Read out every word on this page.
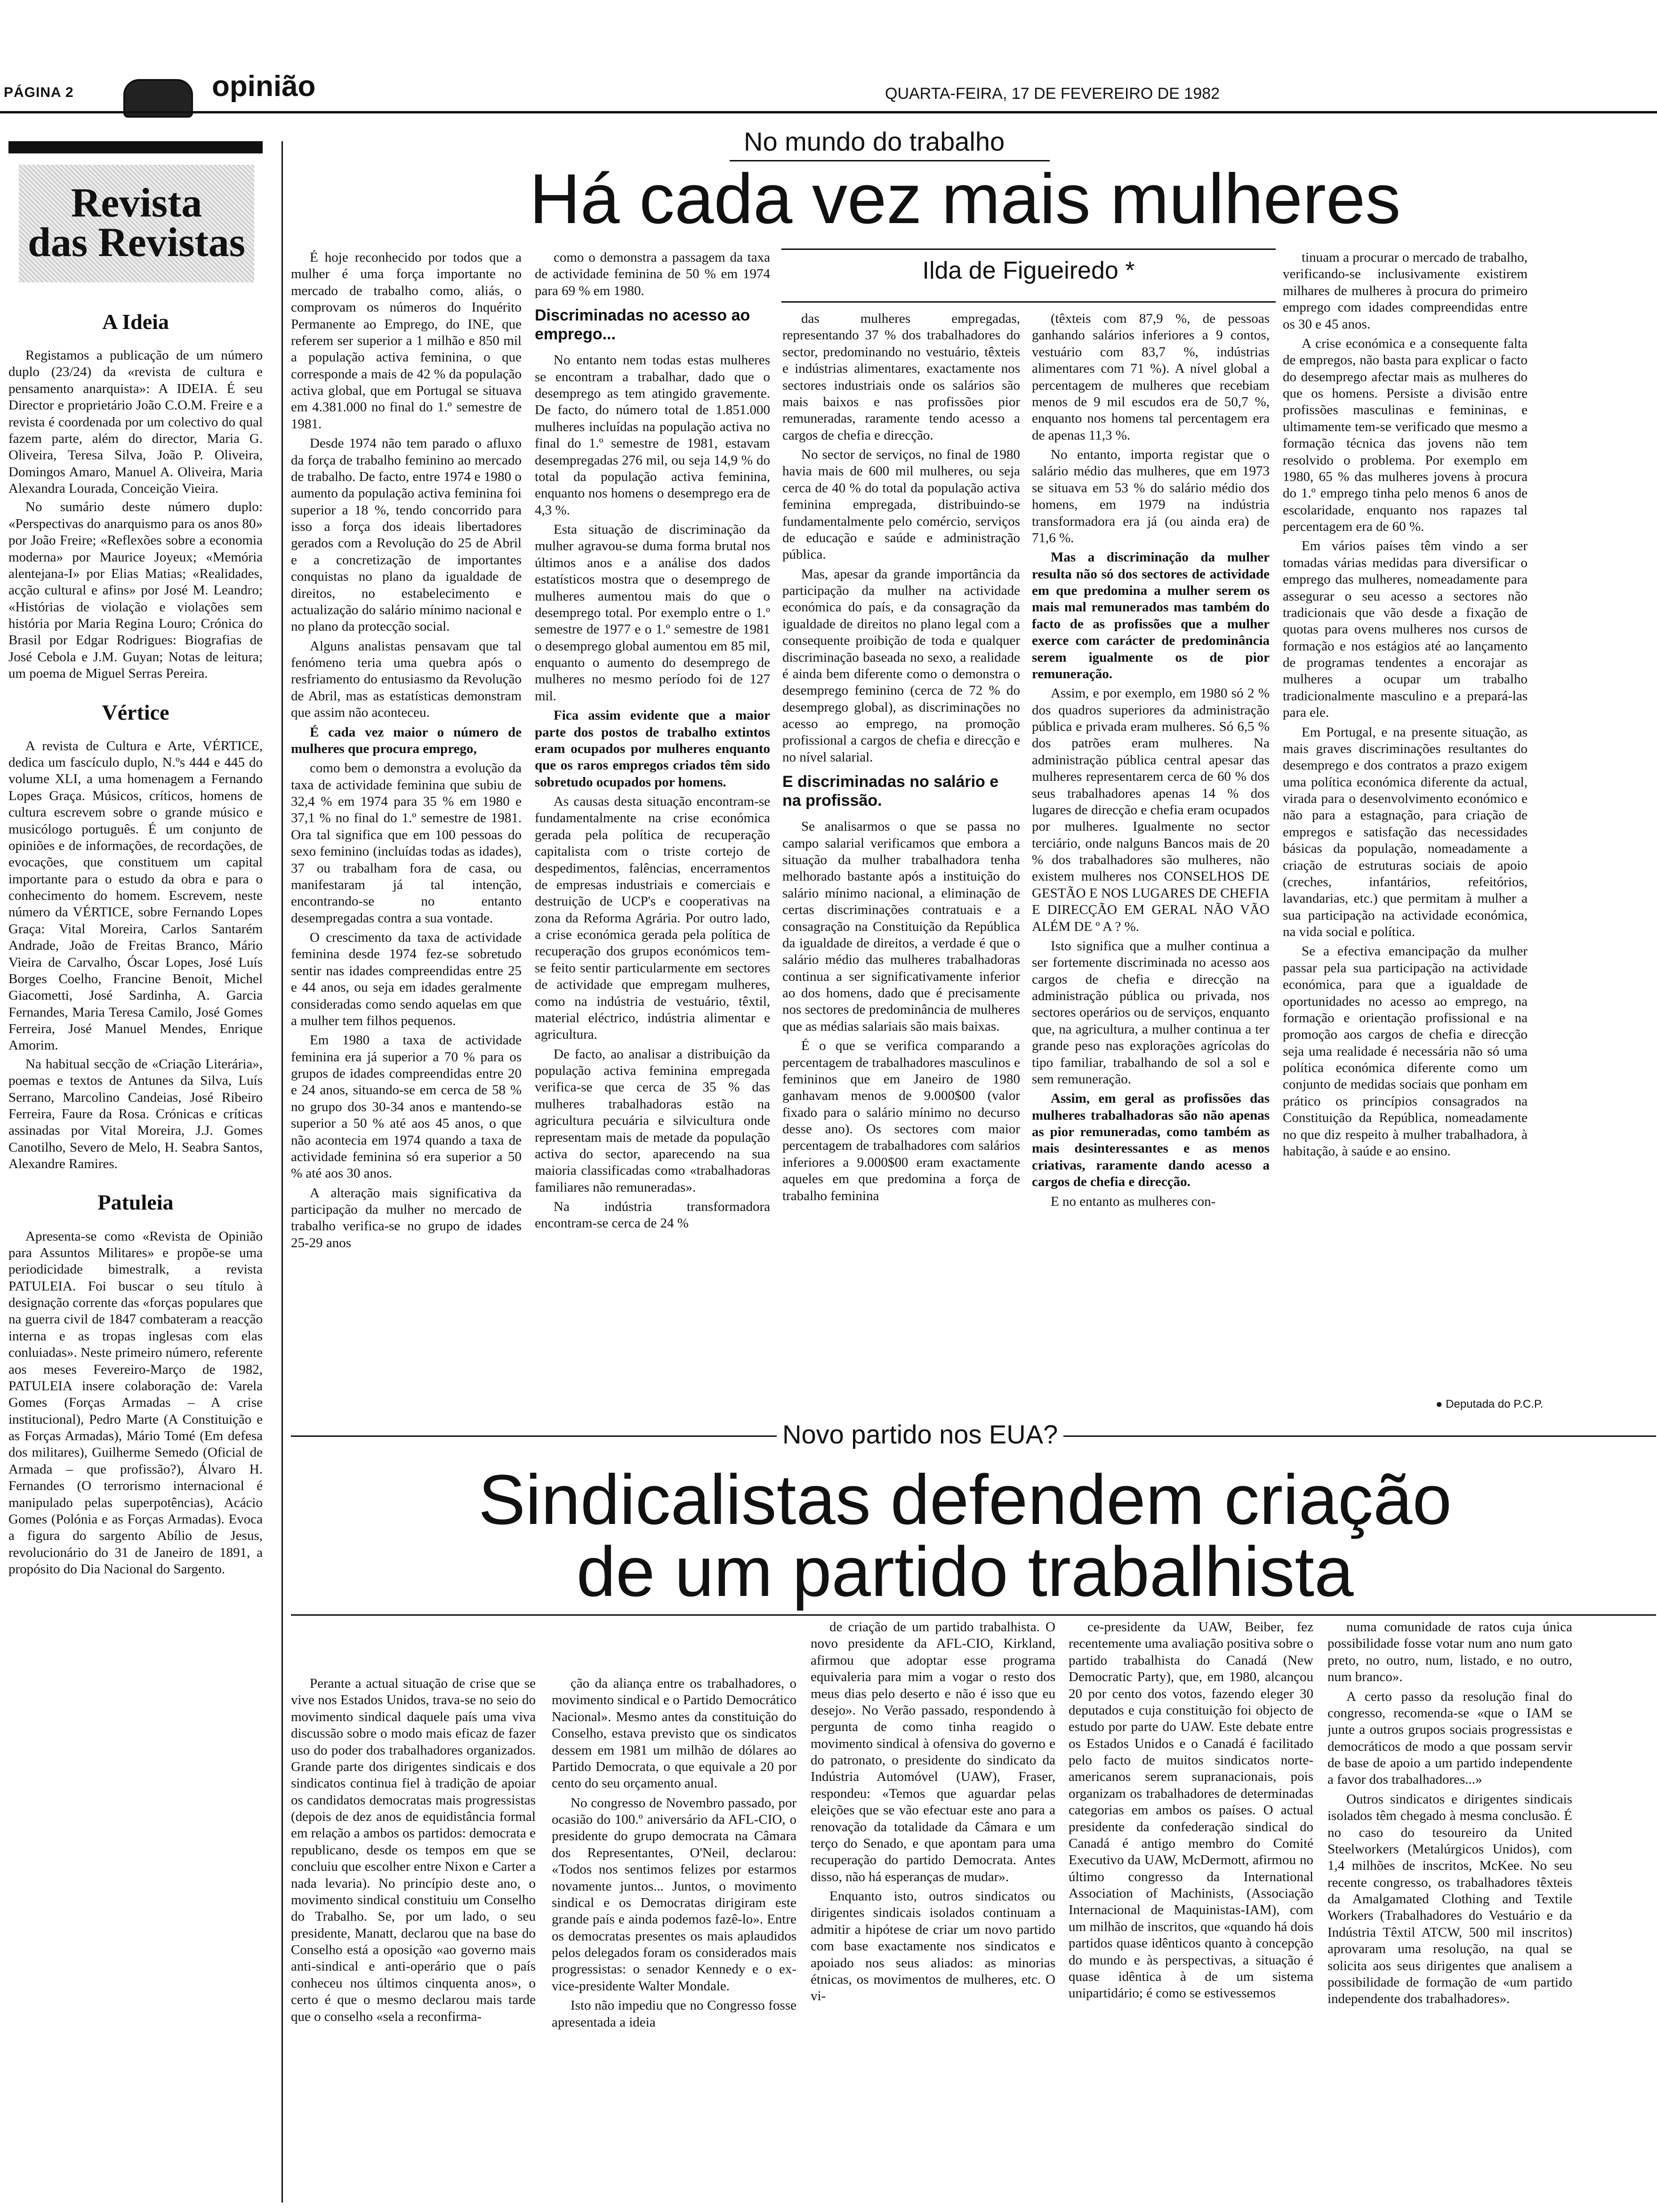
PÁGINA 2	opinião	QUARTA-FEIRA, 17 DE FEVEREIRO DE 1982
Revista
das Revistas
A Ideia

Registamos a publicação de um número duplo (23/24) da «revista de cultura e pensamento anarquista»: A IDEIA. É seu Director e proprietário João C.O.M. Freire e a revista é coordenada por um colectivo do qual fazem parte, além do director, Maria G. Oliveira, Teresa Silva, João P. Oliveira, Domingos Amaro, Manuel A. Oliveira, Maria Alexandra Lourada, Conceição Vieira.

No sumário deste número duplo: «Perspectivas do anarquismo para os anos 80» por João Freire; «Reflexões sobre a economia moderna» por Maurice Joyeux; «Memória alentejana-I» por Elias Matias; «Realidades, acção cultural e afins» por José M. Leandro; «Histórias de violação e violações sem história por Maria Regina Louro; Crónica do Brasil por Edgar Rodrigues: Biografias de José Cebola e J.M. Guyan; Notas de leitura; um poema de Miguel Serras Pereira.

Vértice

A revista de Cultura e Arte, VÉRTICE, dedica um fascículo duplo, N.ºs 444 e 445 do volume XLI, a uma homenagem a Fernando Lopes Graça. Músicos, críticos, homens de cultura escrevem sobre o grande músico e musicólogo português. É um conjunto de opiniões e de informações, de recordações, de evocações, que constituem um capital importante para o estudo da obra e para o conhecimento do homem. Escrevem, neste número da VÉRTICE, sobre Fernando Lopes Graça: Vital Moreira, Carlos Santarém Andrade, João de Freitas Branco, Mário Vieira de Carvalho, Óscar Lopes, José Luís Borges Coelho, Francine Benoit, Michel Giacometti, José Sardinha, A. Garcia Fernandes, Maria Teresa Camilo, José Gomes Ferreira, José Manuel Mendes, Enrique Amorim.

Na habitual secção de «Criação Literária», poemas e textos de Antunes da Silva, Luís Serrano, Marcolino Candeias, José Ribeiro Ferreira, Faure da Rosa. Crónicas e críticas assinadas por Vital Moreira, J.J. Gomes Canotilho, Severo de Melo, H. Seabra Santos, Alexandre Ramires.

Patuleia

Apresenta-se como «Revista de Opinião para Assuntos Militares» e propõe-se uma periodicidade bimestralk, a revista PATULEIA. Foi buscar o seu título à designação corrente das «forças populares que na guerra civil de 1847 combateram a reacção interna e as tropas inglesas com elas conluiadas». Neste primeiro número, referente aos meses Fevereiro-Março de 1982, PATULEIA insere colaboração de: Varela Gomes (Forças Armadas – A crise institucional), Pedro Marte (A Constituição e as Forças Armadas), Mário Tomé (Em defesa dos militares), Guilherme Semedo (Oficial de Armada – que profissão?), Álvaro H. Fernandes (O terrorismo internacional é manipulado pelas superpotências), Acácio Gomes (Polónia e as Forças Armadas). Evoca a figura do sargento Abílio de Jesus, revolucionário do 31 de Janeiro de 1891, a propósito do Dia Nacional do Sargento.

No mundo do trabalho
Há cada vez mais mulheres

É hoje reconhecido por todos que a mulher é uma força importante no mercado de trabalho como, aliás, o comprovam os números do Inquérito Permanente ao Emprego, do INE, que referem ser superior a 1 milhão e 850 mil a população activa feminina, o que corresponde a mais de 42 % da população activa global, que em Portugal se situava em 4.381.000 no final do 1.º semestre de 1981.

Desde 1974 não tem parado o afluxo da força de trabalho feminino ao mercado de trabalho. De facto, entre 1974 e 1980 o aumento da população activa feminina foi superior a 18 %, tendo concorrido para isso a força dos ideais libertadores gerados com a Revolução do 25 de Abril e a concretização de importantes conquistas no plano da igualdade de direitos, no estabelecimento e actualização do salário mínimo nacional e no plano da protecção social.

Alguns analistas pensavam que tal fenómeno teria uma quebra após o resfriamento do entusiasmo da Revolução de Abril, mas as estatísticas demonstram que assim não aconteceu.

É cada vez maior o número de mulheres que procura emprego,

como bem o demonstra a evolução da taxa de actividade feminina que subiu de 32,4 % em 1974 para 35 % em 1980 e 37,1 % no final do 1.º semestre de 1981. Ora tal significa que em 100 pessoas do sexo feminino (incluídas todas as idades), 37 ou trabalham fora de casa, ou manifestaram já tal intenção, encontrando-se no entanto desempregadas contra a sua vontade.

O crescimento da taxa de actividade feminina desde 1974 fez-se sobretudo sentir nas idades compreendidas entre 25 e 44 anos, ou seja em idades geralmente consideradas como sendo aquelas em que a mulher tem filhos pequenos.

Em 1980 a taxa de actividade feminina era já superior a 70 % para os grupos de idades compreendidas entre 20 e 24 anos, situando-se em cerca de 58 % no grupo dos 30-34 anos e mantendo-se superior a 50 % até aos 45 anos, o que não acontecia em 1974 quando a taxa de actividade feminina só era superior a 50 % até aos 30 anos.

A alteração mais significativa da participação da mulher no mercado de trabalho verifica-se no grupo de idades 25-29 anos

como o demonstra a passagem da taxa de actividade feminina de 50 % em 1974 para 69 % em 1980.

Discriminadas no acesso ao emprego...

No entanto nem todas estas mulheres se encontram a trabalhar, dado que o desemprego as tem atingido gravemente. De facto, do número total de 1.851.000 mulheres incluídas na população activa no final do 1.º semestre de 1981, estavam desempregadas 276 mil, ou seja 14,9 % do total da população activa feminina, enquanto nos homens o desemprego era de 4,3 %.

Esta situação de discriminação da mulher agravou-se duma forma brutal nos últimos anos e a análise dos dados estatísticos mostra que o desemprego de mulheres aumentou mais do que o desemprego total. Por exemplo entre o 1.º semestre de 1977 e o 1.º semestre de 1981 o desemprego global aumentou em 85 mil, enquanto o aumento do desemprego de mulheres no mesmo período foi de 127 mil.

Fica assim evidente que a maior parte dos postos de trabalho extintos eram ocupados por mulheres enquanto que os raros empregos criados têm sido sobretudo ocupados por homens.

As causas desta situação encontram-se fundamentalmente na crise económica gerada pela política de recuperação capitalista com o triste cortejo de despedimentos, falências, encerramentos de empresas industriais e comerciais e destruição de UCP's e cooperativas na zona da Reforma Agrária. Por outro lado, a crise económica gerada pela política de recuperação dos grupos económicos tem-se feito sentir particularmente em sectores de actividade que empregam mulheres, como na indústria de vestuário, têxtil, material eléctrico, indústria alimentar e agricultura.

De facto, ao analisar a distribuição da população activa feminina empregada verifica-se que cerca de 35 % das mulheres trabalhadoras estão na agricultura pecuária e silvicultura onde representam mais de metade da população activa do sector, aparecendo na sua maioria classificadas como «trabalhadoras familiares não remuneradas».

Na indústria transformadora encontram-se cerca de 24 %

Ilda de Figueiredo *

das mulheres empregadas, representando 37 % dos trabalhadores do sector, predominando no vestuário, têxteis e indústrias alimentares, exactamente nos sectores industriais onde os salários são mais baixos e nas profissões pior remuneradas, raramente tendo acesso a cargos de chefia e direcção.

No sector de serviços, no final de 1980 havia mais de 600 mil mulheres, ou seja cerca de 40 % do total da população activa feminina empregada, distribuindo-se fundamentalmente pelo comércio, serviços de educação e saúde e administração pública.

Mas, apesar da grande importância da participação da mulher na actividade económica do país, e da consagração da igualdade de direitos no plano legal com a consequente proibição de toda e qualquer discriminação baseada no sexo, a realidade é ainda bem diferente como o demonstra o desemprego feminino (cerca de 72 % do desemprego global), as discriminações no acesso ao emprego, na promoção profissional a cargos de chefia e direcção e no nível salarial.

E discriminadas no salário e na profissão.

Se analisarmos o que se passa no campo salarial verificamos que embora a situação da mulher trabalhadora tenha melhorado bastante após a instituição do salário mínimo nacional, a eliminação de certas discriminações contratuais e a consagração na Constituição da República da igualdade de direitos, a verdade é que o salário médio das mulheres trabalhadoras continua a ser significativamente inferior ao dos homens, dado que é precisamente nos sectores de predominância de mulheres que as médias salariais são mais baixas.

É o que se verifica comparando a percentagem de trabalhadores masculinos e femininos que em Janeiro de 1980 ganhavam menos de 9.000$00 (valor fixado para o salário mínimo no decurso desse ano). Os sectores com maior percentagem de trabalhadores com salários inferiores a 9.000$00 eram exactamente aqueles em que predomina a força de trabalho feminina

(têxteis com 87,9 %, de pessoas ganhando salários inferiores a 9 contos, vestuário com 83,7 %, indústrias alimentares com 71 %). A nível global a percentagem de mulheres que recebiam menos de 9 mil escudos era de 50,7 %, enquanto nos homens tal percentagem era de apenas 11,3 %.

No entanto, importa registar que o salário médio das mulheres, que em 1973 se situava em 53 % do salário médio dos homens, em 1979 na indústria transformadora era já (ou ainda era) de 71,6 %.

Mas a discriminação da mulher resulta não só dos sectores de actividade em que predomina a mulher serem os mais mal remunerados mas também do facto de as profissões que a mulher exerce com carácter de predominância serem igualmente os de pior remuneração.

Assim, e por exemplo, em 1980 só 2 % dos quadros superiores da administração pública e privada eram mulheres. Só 6,5 % dos patrões eram mulheres. Na administração pública central apesar das mulheres representarem cerca de 60 % dos seus trabalhadores apenas 14 % dos lugares de direcção e chefia eram ocupados por mulheres. Igualmente no sector terciário, onde nalguns Bancos mais de 20 % dos trabalhadores são mulheres, não existem mulheres nos CONSELHOS DE GESTÃO E NOS LUGARES DE CHEFIA E DIRECÇÃO EM GERAL NÃO VÃO ALÉM DE º A ? %.

Isto significa que a mulher continua a ser fortemente discriminada no acesso aos cargos de chefia e direcção na administração pública ou privada, nos sectores operários ou de serviços, enquanto que, na agricultura, a mulher continua a ter grande peso nas explorações agrícolas do tipo familiar, trabalhando de sol a sol e sem remuneração.

Assim, em geral as profissões das mulheres trabalhadoras são não apenas as pior remuneradas, como também as mais desinteressantes e as menos criativas, raramente dando acesso a cargos de chefia e direcção.

E no entanto as mulheres con-

tinuam a procurar o mercado de trabalho, verificando-se inclusivamente existirem milhares de mulheres à procura do primeiro emprego com idades compreendidas entre os 30 e 45 anos.

A crise económica e a consequente falta de empregos, não basta para explicar o facto do desemprego afectar mais as mulheres do que os homens. Persiste a divisão entre profissões masculinas e femininas, e ultimamente tem-se verificado que mesmo a formação técnica das jovens não tem resolvido o problema. Por exemplo em 1980, 65 % das mulheres jovens à procura do 1.º emprego tinha pelo menos 6 anos de escolaridade, enquanto nos rapazes tal percentagem era de 60 %.

Em vários países têm vindo a ser tomadas várias medidas para diversificar o emprego das mulheres, nomeadamente para assegurar o seu acesso a sectores não tradicionais que vão desde a fixação de quotas para ovens mulheres nos cursos de formação e nos estágios até ao lançamento de programas tendentes a encorajar as mulheres a ocupar um trabalho tradicionalmente masculino e a prepará-las para ele.

Em Portugal, e na presente situação, as mais graves discriminações resultantes do desemprego e dos contratos a prazo exigem uma política económica diferente da actual, virada para o desenvolvimento económico e não para a estagnação, para criação de empregos e satisfação das necessidades básicas da população, nomeadamente a criação de estruturas sociais de apoio (creches, infantários, refeitórios, lavandarias, etc.) que permitam à mulher a sua participação na actividade económica, na vida social e política.

Se a efectiva emancipação da mulher passar pela sua participação na actividade económica, para que a igualdade de oportunidades no acesso ao emprego, na formação e orientação profissional e na promoção aos cargos de chefia e direcção seja uma realidade é necessária não só uma política económica diferente como um conjunto de medidas sociais que ponham em prático os princípios consagrados na Constituição da República, nomeadamente no que diz respeito à mulher trabalhadora, à habitação, à saúde e ao ensino.

● Deputada do P.C.P.
Novo partido nos EUA?
Sindicalistas defendem criação
de um partido trabalhista

Perante a actual situação de crise que se vive nos Estados Unidos, trava-se no seio do movimento sindical daquele país uma viva discussão sobre o modo mais eficaz de fazer uso do poder dos trabalhadores organizados. Grande parte dos dirigentes sindicais e dos sindicatos continua fiel à tradição de apoiar os candidatos democratas mais progressistas (depois de dez anos de equidistância formal em relação a ambos os partidos: democrata e republicano, desde os tempos em que se concluiu que escolher entre Nixon e Carter a nada levaria). No princípio deste ano, o movimento sindical constituiu um Conselho do Trabalho. Se, por um lado, o seu presidente, Manatt, declarou que na base do Conselho está a oposição «ao governo mais anti-sindical e anti-operário que o país conheceu nos últimos cinquenta anos», o certo é que o mesmo declarou mais tarde que o conselho «sela a reconfirma-

ção da aliança entre os trabalhadores, o movimento sindical e o Partido Democrático Nacional». Mesmo antes da constituição do Conselho, estava previsto que os sindicatos dessem em 1981 um milhão de dólares ao Partido Democrata, o que equivale a 20 por cento do seu orçamento anual.

No congresso de Novembro passado, por ocasião do 100.º aniversário da AFL-CIO, o presidente do grupo democrata na Câmara dos Representantes, O'Neil, declarou: «Todos nos sentimos felizes por estarmos novamente juntos... Juntos, o movimento sindical e os Democratas dirigiram este grande país e ainda podemos fazê-lo». Entre os democratas presentes os mais aplaudidos pelos delegados foram os considerados mais progressistas: o senador Kennedy e o ex-vice-presidente Walter Mondale.

Isto não impediu que no Congresso fosse apresentada a ideia

de criação de um partido trabalhista. O novo presidente da AFL-CIO, Kirkland, afirmou que adoptar esse programa equivaleria para mim a vogar o resto dos meus dias pelo deserto e não é isso que eu desejo». No Verão passado, respondendo à pergunta de como tinha reagido o movimento sindical à ofensiva do governo e do patronato, o presidente do sindicato da Indústria Automóvel (UAW), Fraser, respondeu: «Temos que aguardar pelas eleições que se vão efectuar este ano para a renovação da totalidade da Câmara e um terço do Senado, e que apontam para uma recuperação do partido Democrata. Antes disso, não há esperanças de mudar».

Enquanto isto, outros sindicatos ou dirigentes sindicais isolados continuam a admitir a hipótese de criar um novo partido com base exactamente nos sindicatos e apoiado nos seus aliados: as minorias étnicas, os movimentos de mulheres, etc. O vi-

ce-presidente da UAW, Beiber, fez recentemente uma avaliação positiva sobre o partido trabalhista do Canadá (New Democratic Party), que, em 1980, alcançou 20 por cento dos votos, fazendo eleger 30 deputados e cuja constituição foi objecto de estudo por parte do UAW. Este debate entre os Estados Unidos e o Canadá é facilitado pelo facto de muitos sindicatos norte-americanos serem supranacionais, pois organizam os trabalhadores de determinadas categorias em ambos os países. O actual presidente da confederação sindical do Canadá é antigo membro do Comité Executivo da UAW, McDermott, afirmou no último congresso da International Association of Machinists, (Associação Internacional de Maquinistas-IAM), com um milhão de inscritos, que «quando há dois partidos quase idênticos quanto à concepção do mundo e às perspectivas, a situação é quase idêntica à de um sistema unipartidário; é como se estivessemos

numa comunidade de ratos cuja única possibilidade fosse votar num ano num gato preto, no outro, num, listado, e no outro, num branco».

A certo passo da resolução final do congresso, recomenda-se «que o IAM se junte a outros grupos sociais progressistas e democráticos de modo a que possam servir de base de apoio a um partido independente a favor dos trabalhadores...»

Outros sindicatos e dirigentes sindicais isolados têm chegado à mesma conclusão. É no caso do tesoureiro da United Steelworkers (Metalúrgicos Unidos), com 1,4 milhões de inscritos, McKee. No seu recente congresso, os trabalhadores têxteis da Amalgamated Clothing and Textile Workers (Trabalhadores do Vestuário e da Indústria Têxtil ATCW, 500 mil inscritos) aprovaram uma resolução, na qual se solicita aos seus dirigentes que analisem a possibilidade de formação de «um partido independente dos trabalhadores».
